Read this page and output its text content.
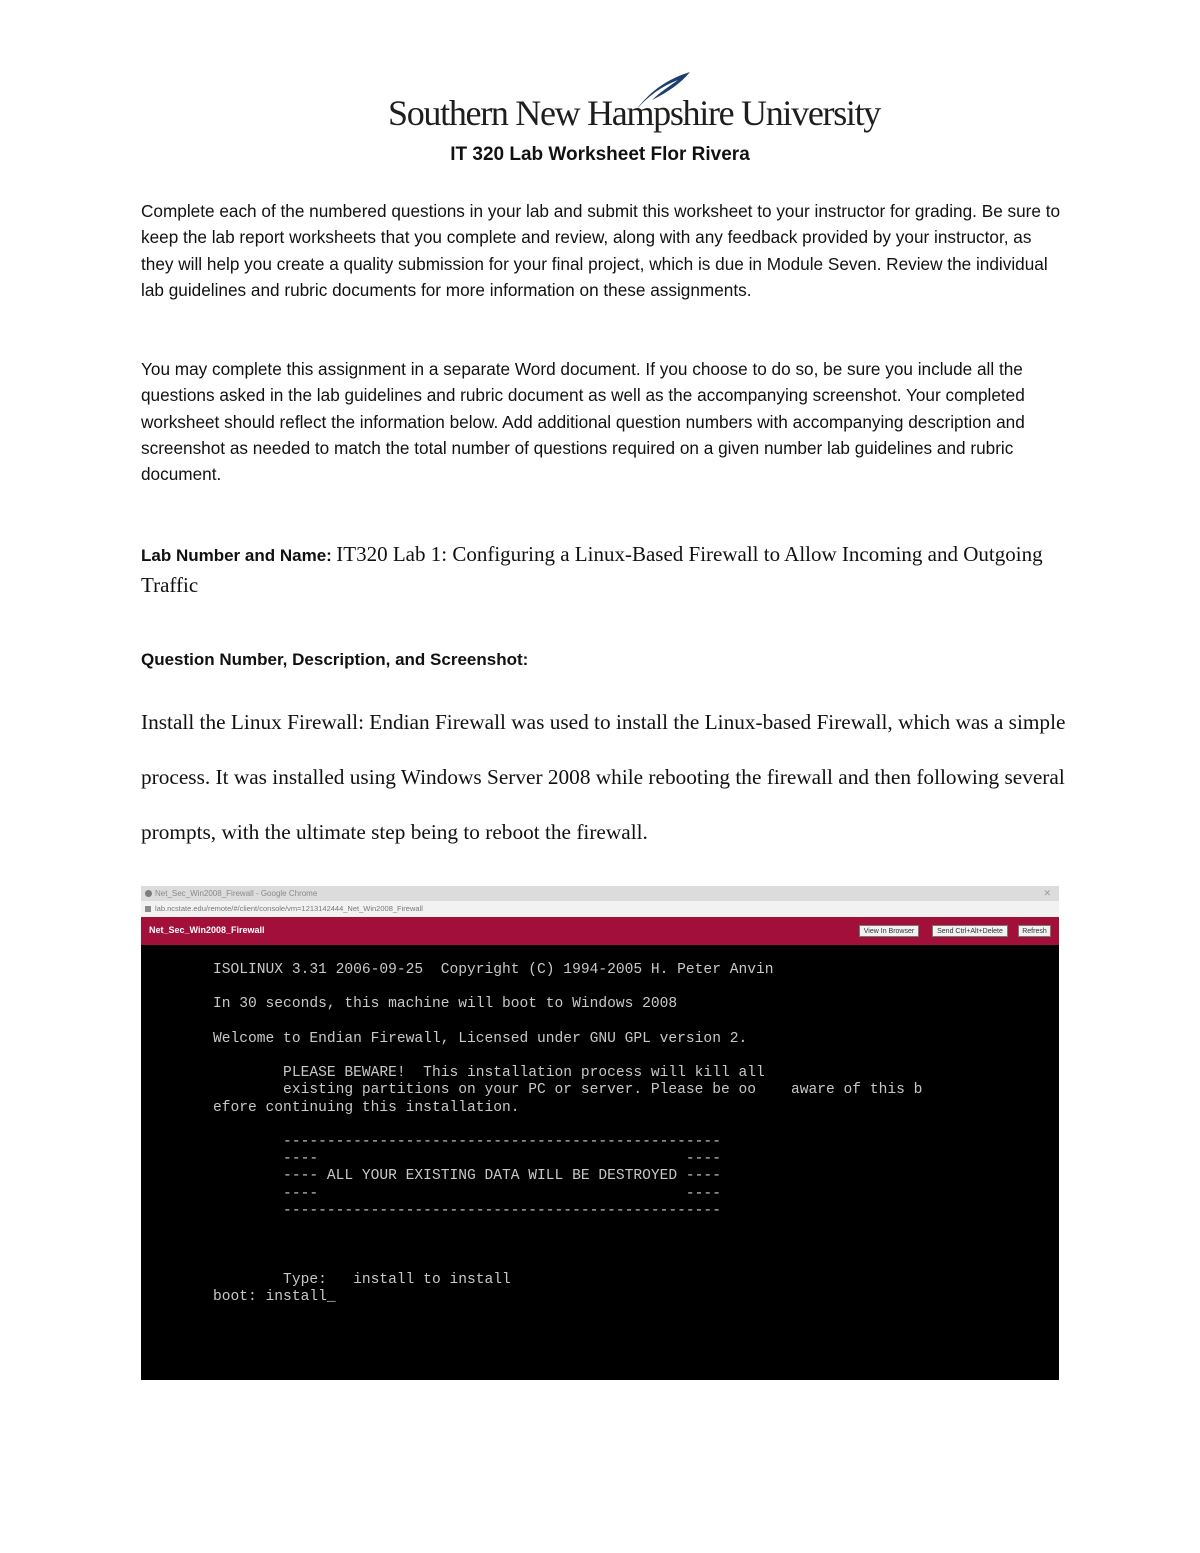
Southern New Hampshire University
IT 320 Lab Worksheet Flor Rivera

Complete each of the numbered questions in your lab and submit this worksheet to your instructor for grading. Be sure to keep the lab report worksheets that you complete and review, along with any feedback provided by your instructor, as they will help you create a quality submission for your final project, which is due in Module Seven. Review the individual lab guidelines and rubric documents for more information on these assignments.

You may complete this assignment in a separate Word document. If you choose to do so, be sure you include all the questions asked in the lab guidelines and rubric document as well as the accompanying screenshot. Your completed worksheet should reflect the information below. Add additional question numbers with accompanying description and screenshot as needed to match the total number of questions required on a given number lab guidelines and rubric document.

Lab Number and Name: IT320 Lab 1: Configuring a Linux-Based Firewall to Allow Incoming and Outgoing Traffic
Question Number, Description, and Screenshot:

Install the Linux Firewall: Endian Firewall was used to install the Linux-based Firewall, which was a simple process. It was installed using Windows Server 2008 while rebooting the firewall and then following several prompts, with the ultimate step being to reboot the firewall.

Net_Sec_Win2008_Firewall - Google Chrome	✕
lab.ncstate.edu/remote/#/client/console/vm=1213142444_Net_Win2008_Firewall
Net_Sec_Win2008_Firewall	View In Browser	Send Ctrl+Alt+Delete	Refresh
ISOLINUX 3.31 2006-09-25  Copyright (C) 1994-2005 H. Peter Anvin

In 30 seconds, this machine will boot to Windows 2008

Welcome to Endian Firewall, Licensed under GNU GPL version 2.

PLEASE BEWARE!  This installation process will kill all
existing partitions on your PC or server. Please be oo    aware of this b
efore continuing this installation.

--------------------------------------------------
----                                          ----
---- ALL YOUR EXISTING DATA WILL BE DESTROYED ----
----                                          ----
--------------------------------------------------

Type:   install to install
boot: install_
